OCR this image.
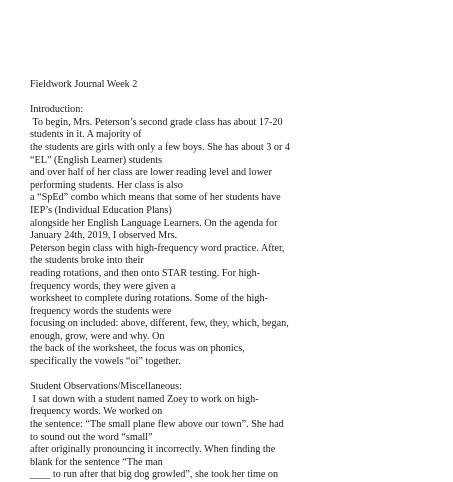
Fieldwork Journal Week 2
Introduction:
To begin, Mrs. Peterson’s second grade class has about 17-20
students in it. A majority of
the students are girls with only a few boys. She has about 3 or 4
“EL” (English Learner) students
and over half of her class are lower reading level and lower
performing students. Her class is also
a “SpEd” combo which means that some of her students have
IEP’s (Individual Education Plans)
alongside her English Language Learners. On the agenda for
January 24th, 2019, I observed Mrs.
Peterson begin class with high-frequency word practice. After,
the students broke into their
reading rotations, and then onto STAR testing. For high-
frequency words, they were given a
worksheet to complete during rotations. Some of the high-
frequency words the students were
focusing on included: above, different, few, they, which, began,
enough, grow, were and why. On
the back of the worksheet, the focus was on phonics,
specifically the vowels “oi” together.
Student Observations/Miscellaneous:
I sat down with a student named Zoey to work on high-
frequency words. We worked on
the sentence: “The small plane flew above our town”. She had
to sound out the word “small”
after originally pronouncing it incorrectly. When finding the
blank for the sentence “The man
____ to run after that big dog growled”, she took her time on
